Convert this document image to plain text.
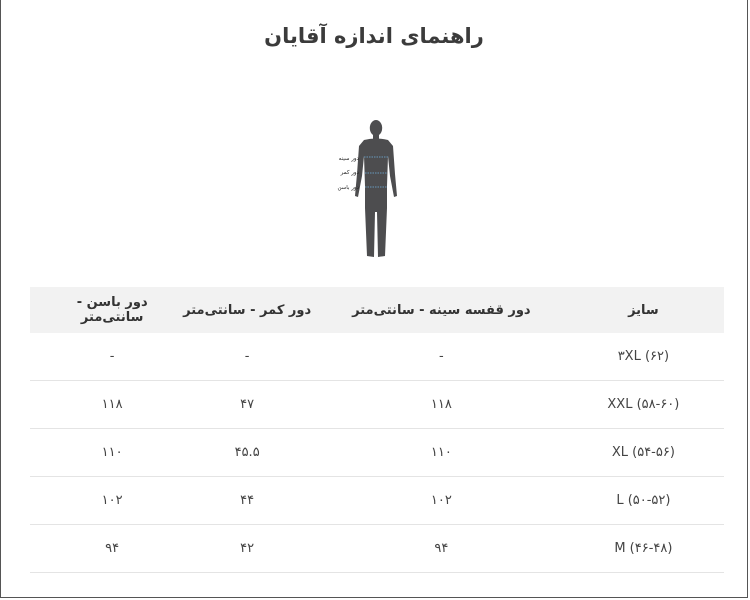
راهنمای اندازه آقایان
دور سینه
دور کمر
دور باسن
سایز
دور قفسه سینه - سانتی‌متر
دور کمر - سانتی‌متر
دور باسن - سانتی‌متر
۳XL (۶۲)
-
-
-
XXL (۵۸-۶۰)
۱۱۸
۴۷
۱۱۸
XL (۵۴-۵۶)
۱۱۰
۴۵.۵
۱۱۰
L (۵۰-۵۲)
۱۰۲
۴۴
۱۰۲
M (۴۶-۴۸)
۹۴
۴۲
۹۴
